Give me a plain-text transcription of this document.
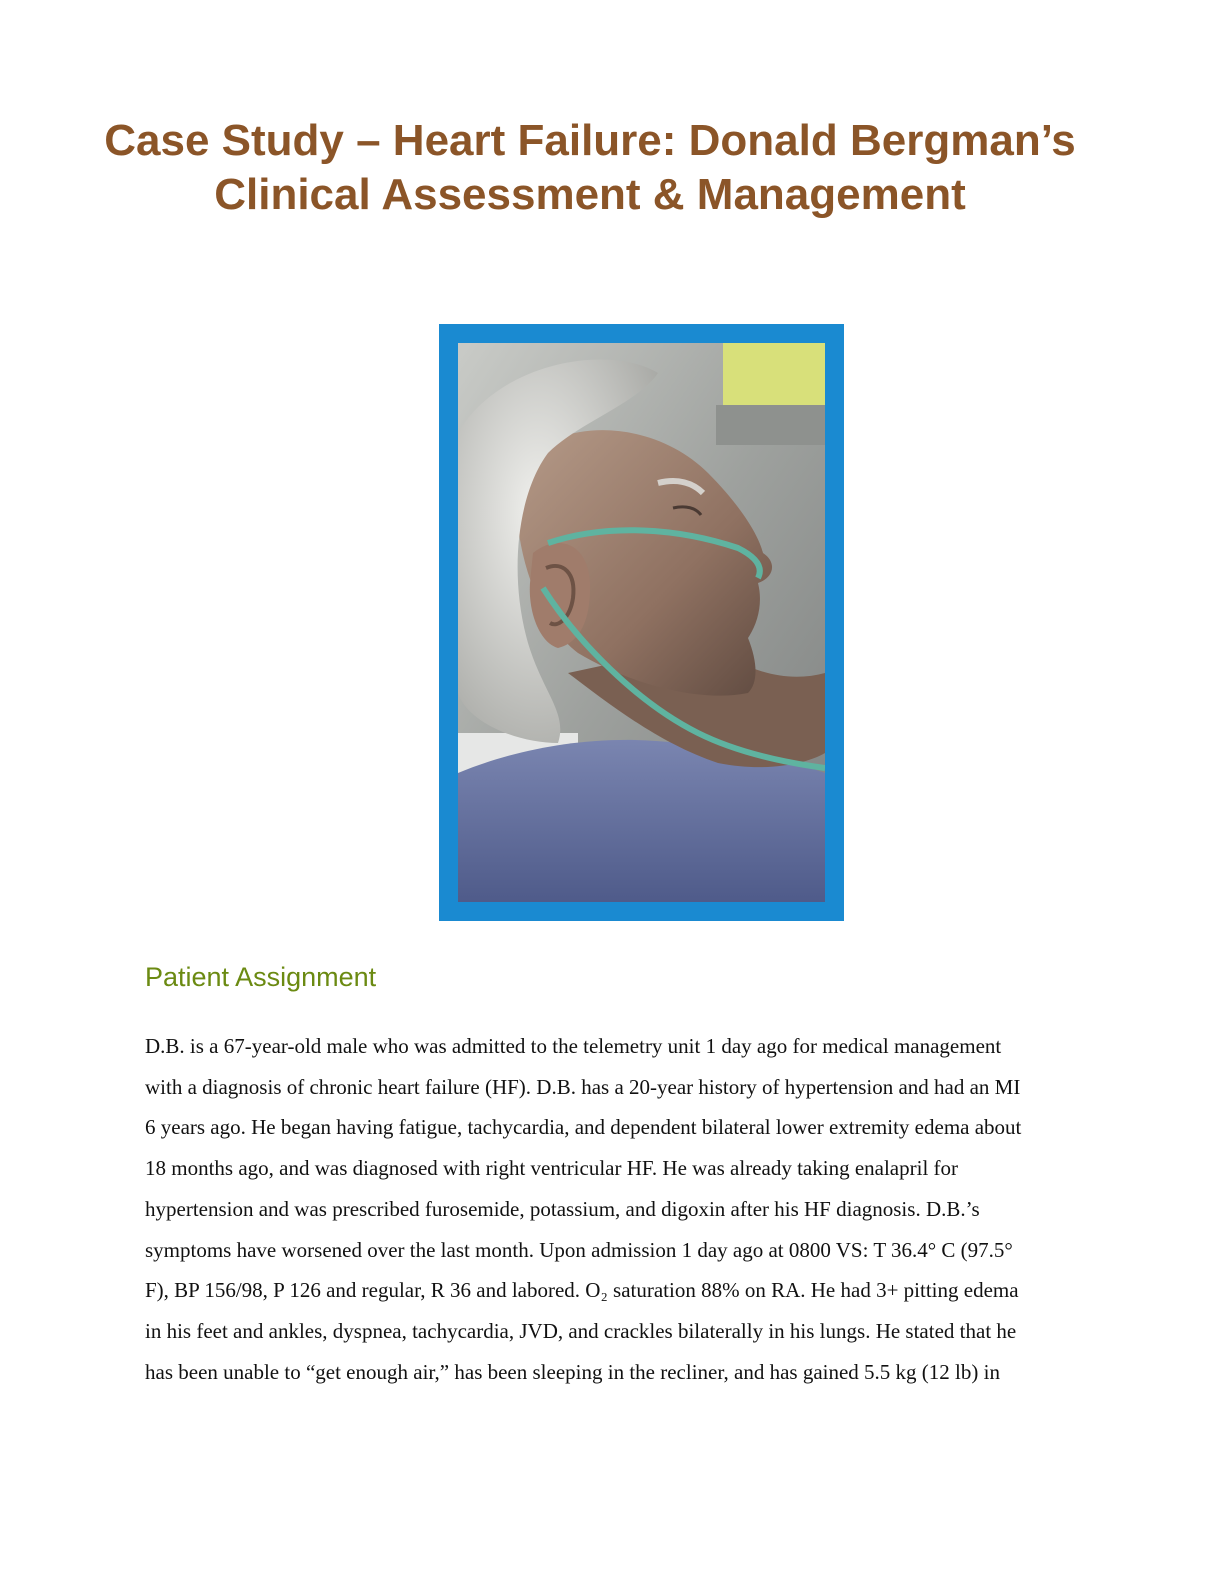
Case Study – Heart Failure: Donald Bergman’s
Clinical Assessment & Management
Patient Assignment

D.B. is a 67-year-old male who was admitted to the telemetry unit 1 day ago for medical management
with a diagnosis of chronic heart failure (HF). D.B. has a 20-year history of hypertension and had an MI
6 years ago. He began having fatigue, tachycardia, and dependent bilateral lower extremity edema about
18 months ago, and was diagnosed with right ventricular HF. He was already taking enalapril for
hypertension and was prescribed furosemide, potassium, and digoxin after his HF diagnosis. D.B.’s
symptoms have worsened over the last month. Upon admission 1 day ago at 0800 VS: T 36.4° C (97.5°
F), BP 156/98, P 126 and regular, R 36 and labored. O₂ saturation 88% on RA. He had 3+ pitting edema
in his feet and ankles, dyspnea, tachycardia, JVD, and crackles bilaterally in his lungs. He stated that he
has been unable to “get enough air,” has been sleeping in the recliner, and has gained 5.5 kg (12 lb) in
